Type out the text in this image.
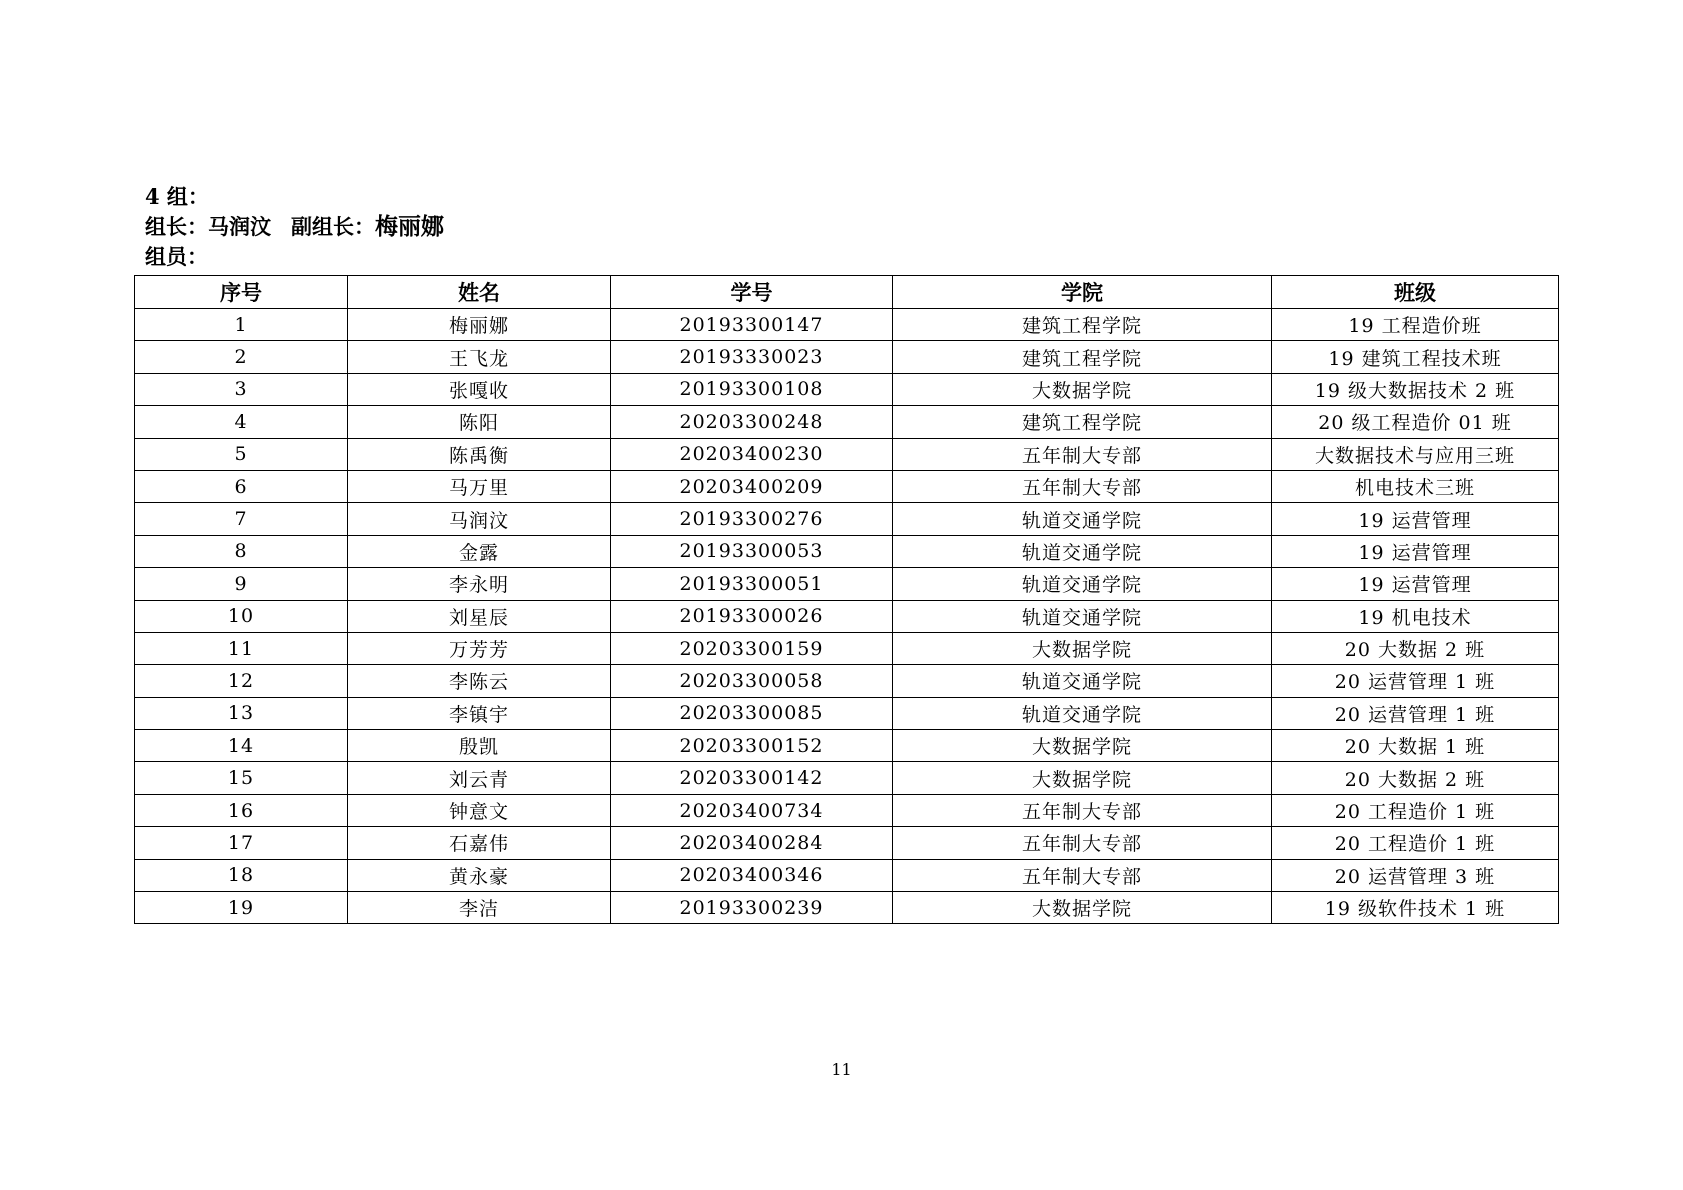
4 组：
组长：马润汶 副组长：梅丽娜
组员：
序号	姓名	学号	学院	班级
1	梅丽娜	20193300147	建筑工程学院	19 工程造价班
2	王飞龙	20193330023	建筑工程学院	19 建筑工程技术班
3	张嘎收	20193300108	大数据学院	19 级大数据技术 2 班
4	陈阳	20203300248	建筑工程学院	20 级工程造价 01 班
5	陈禹衡	20203400230	五年制大专部	大数据技术与应用三班
6	马万里	20203400209	五年制大专部	机电技术三班
7	马润汶	20193300276	轨道交通学院	19 运营管理
8	金露	20193300053	轨道交通学院	19 运营管理
9	李永明	20193300051	轨道交通学院	19 运营管理
10	刘星辰	20193300026	轨道交通学院	19 机电技术
11	万芳芳	20203300159	大数据学院	20 大数据 2 班
12	李陈云	20203300058	轨道交通学院	20 运营管理 1 班
13	李镇宇	20203300085	轨道交通学院	20 运营管理 1 班
14	殷凯	20203300152	大数据学院	20 大数据 1 班
15	刘云青	20203300142	大数据学院	20 大数据 2 班
16	钟意文	20203400734	五年制大专部	20 工程造价 1 班
17	石嘉伟	20203400284	五年制大专部	20 工程造价 1 班
18	黄永豪	20203400346	五年制大专部	20 运营管理 3 班
19	李洁	20193300239	大数据学院	19 级软件技术 1 班
11
